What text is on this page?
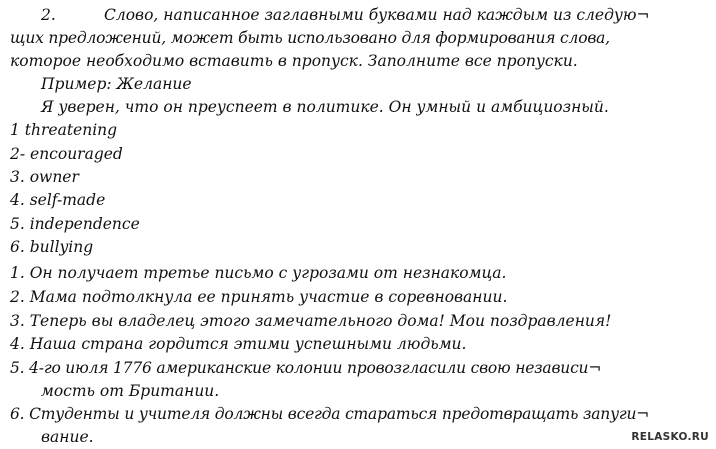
2.	Слово, написанное заглавными буквами над каждым из следую¬
щих предложений, может быть использовано для формирования слова,
которое необходимо вставить в пропуск. Заполните все пропуски.
Пример: Желание
Я уверен, что он преуспеет в политике. Он умный и амбициозный.
1 threatening
2- encouraged
3. owner
4. self-made
5. independence
6. bullying
1. Он получает третье письмо с угрозами от незнакомца.
2. Мама подтолкнула ее принять участие в соревновании.
3. Теперь вы владелец этого замечательного дома! Мои поздравления!
4. Наша страна гордится этими успешными людьми.
5. 4-го июля 1776 американские колонии провозгласили свою независи¬
мость от Британии.
6. Студенты и учителя должны всегда стараться предотвращать запуги¬
вание.	RELASKO.RU
